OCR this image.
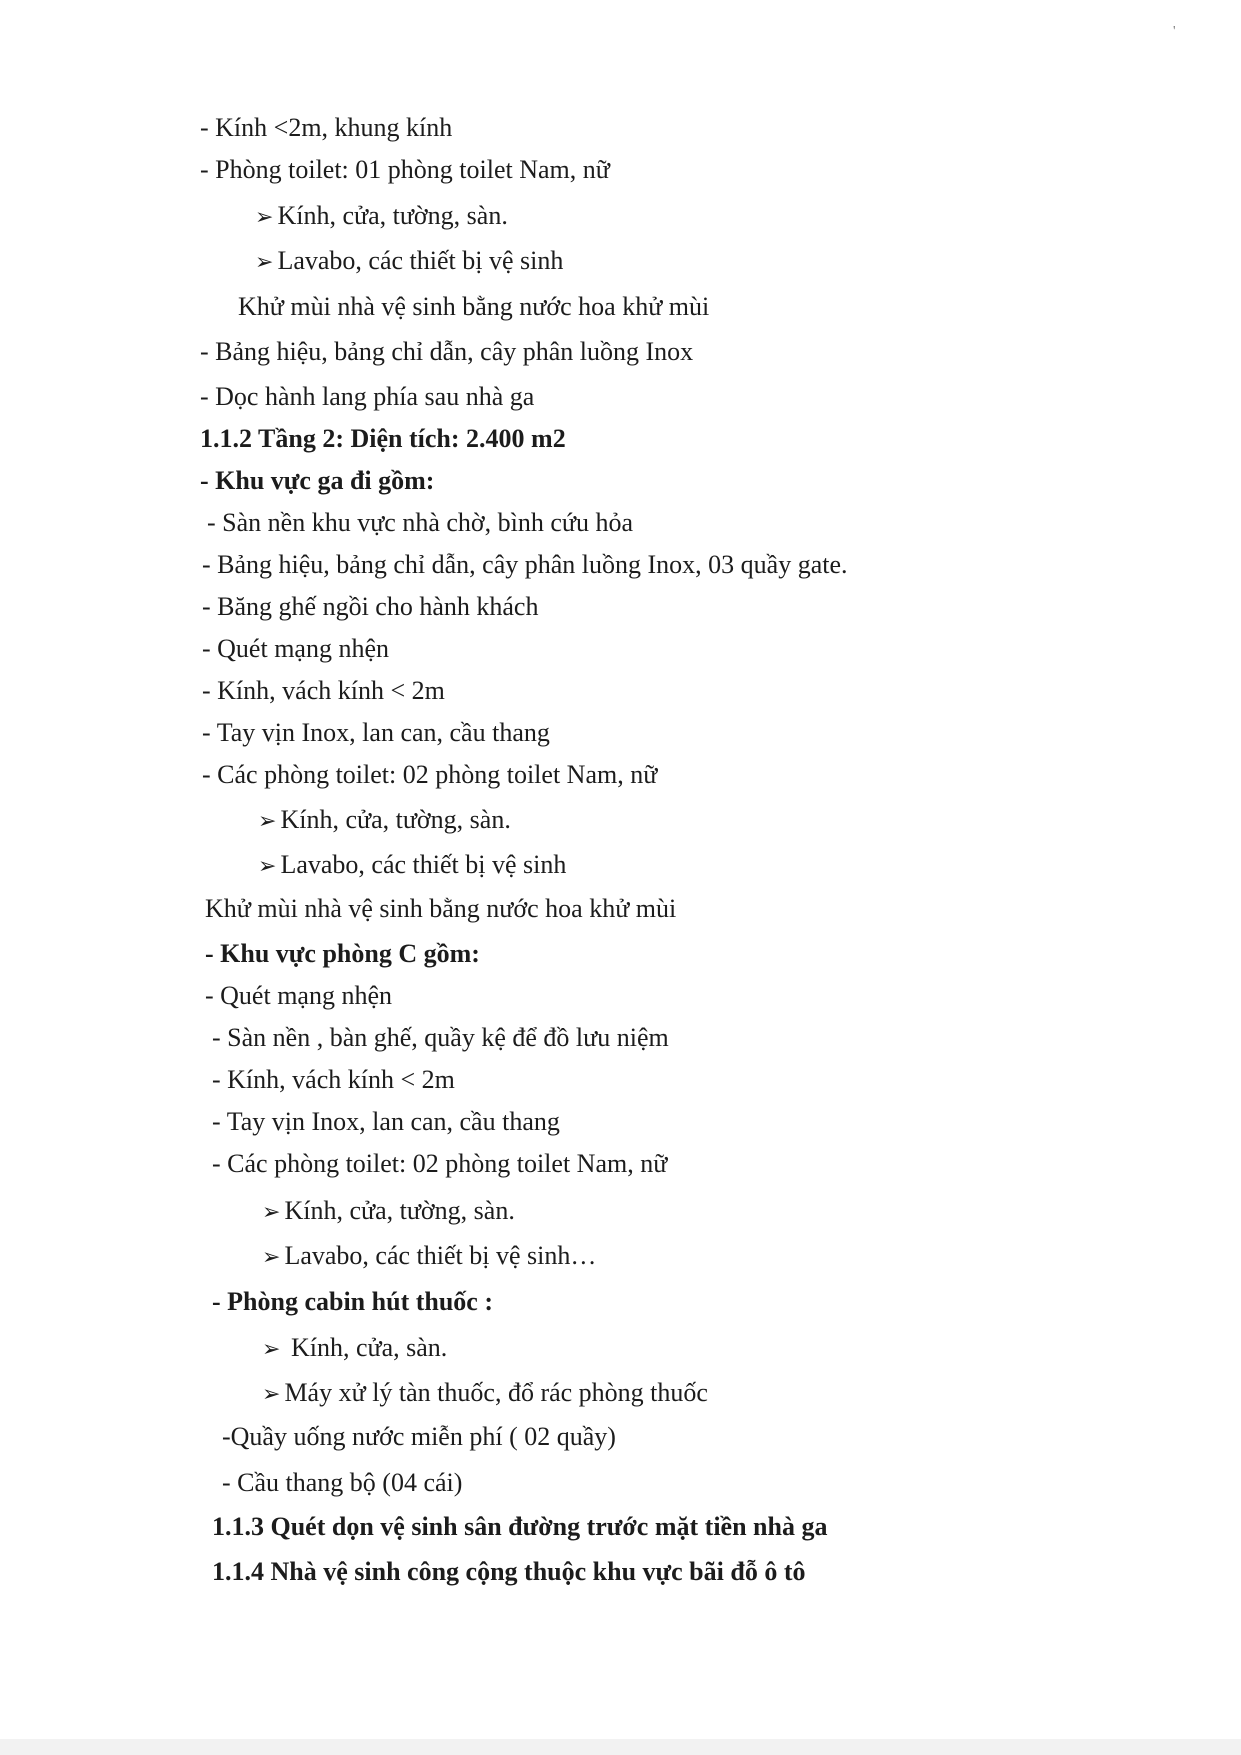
'
- Kính <2m, khung kính
- Phòng toilet: 01 phòng toilet Nam, nữ
➢ Kính, cửa, tường, sàn.
➢ Lavabo, các thiết bị vệ sinh
Khử mùi nhà vệ sinh bằng nước hoa khử mùi
- Bảng hiệu, bảng chỉ dẫn, cây phân luồng Inox
- Dọc hành lang phía sau nhà ga
1.1.2 Tầng 2: Diện tích: 2.400 m2
- Khu vực ga đi gồm:
- Sàn nền khu vực nhà chờ, bình cứu hỏa
- Bảng hiệu, bảng chỉ dẫn, cây phân luồng Inox, 03 quầy gate.
- Băng ghế ngồi cho hành khách
- Quét mạng nhện
- Kính, vách kính < 2m
- Tay vịn Inox, lan can, cầu thang
- Các phòng toilet: 02 phòng toilet Nam, nữ
➢ Kính, cửa, tường, sàn.
➢ Lavabo, các thiết bị vệ sinh
Khử mùi nhà vệ sinh bằng nước hoa khử mùi
- Khu vực phòng C gồm:
- Quét mạng nhện
- Sàn nền , bàn ghế, quầy kệ để đồ lưu niệm
- Kính, vách kính < 2m
- Tay vịn Inox, lan can, cầu thang
- Các phòng toilet: 02 phòng toilet Nam, nữ
➢ Kính, cửa, tường, sàn.
➢ Lavabo, các thiết bị vệ sinh…
- Phòng cabin hút thuốc :
➢ Kính, cửa, sàn.
➢ Máy xử lý tàn thuốc, đổ rác phòng thuốc
-Quầy uống nước miễn phí ( 02 quầy)
- Cầu thang bộ (04 cái)
1.1.3 Quét dọn vệ sinh sân đường trước mặt tiền nhà ga
1.1.4 Nhà vệ sinh công cộng thuộc khu vực bãi đỗ ô tô
